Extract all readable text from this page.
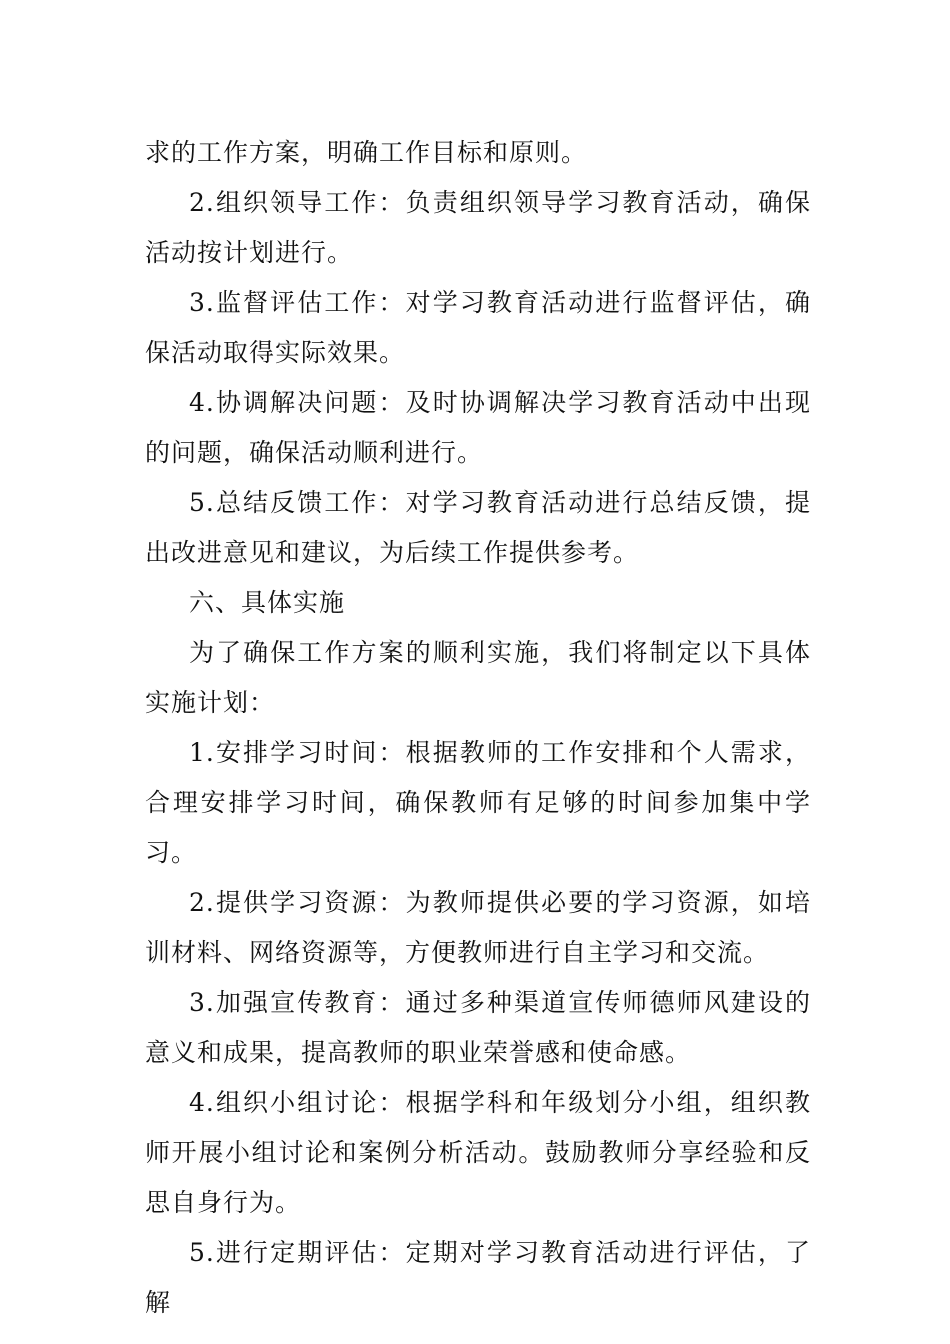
求的工作方案，明确工作目标和原则。

2.组织领导工作：负责组织领导学习教育活动，确保活动按计划进行。

3.监督评估工作：对学习教育活动进行监督评估，确保活动取得实际效果。

4.协调解决问题：及时协调解决学习教育活动中出现的问题，确保活动顺利进行。

5.总结反馈工作：对学习教育活动进行总结反馈，提出改进意见和建议，为后续工作提供参考。

六、具体实施

为了确保工作方案的顺利实施，我们将制定以下具体实施计划：

1.安排学习时间：根据教师的工作安排和个人需求，合理安排学习时间，确保教师有足够的时间参加集中学习。

2.提供学习资源：为教师提供必要的学习资源，如培训材料、网络资源等，方便教师进行自主学习和交流。

3.加强宣传教育：通过多种渠道宣传师德师风建设的意义和成果，提高教师的职业荣誉感和使命感。

4.组织小组讨论：根据学科和年级划分小组，组织教师开展小组讨论和案例分析活动。鼓励教师分享经验和反思自身行为。

5.进行定期评估：定期对学习教育活动进行评估，了解
